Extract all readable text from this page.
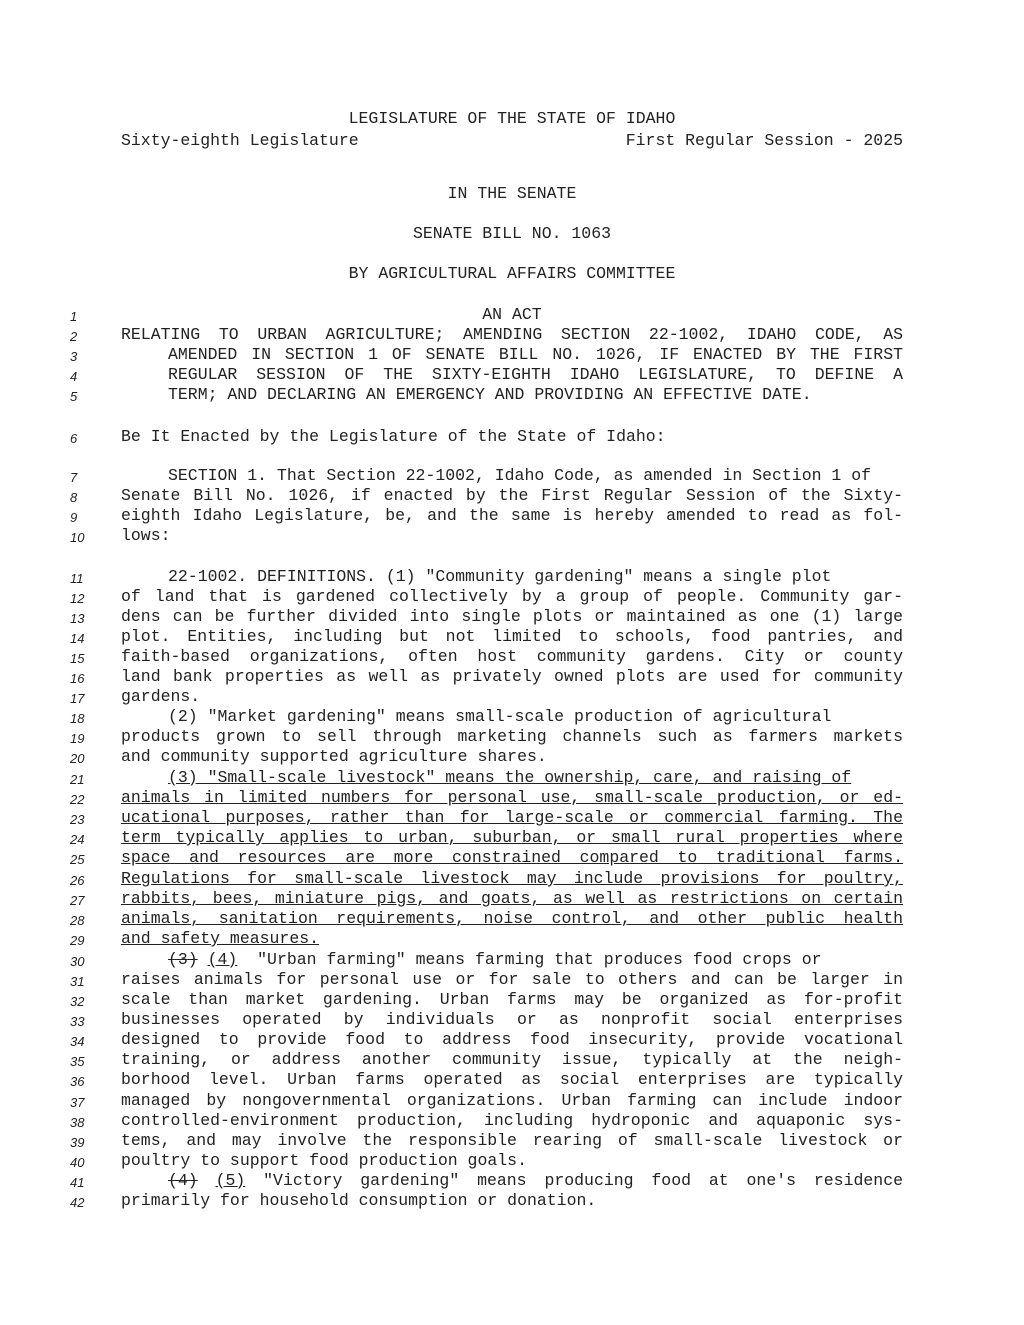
LEGISLATURE OF THE STATE OF IDAHO
Sixty-eighth Legislature	First Regular Session - 2025
IN THE SENATE
SENATE BILL NO. 1063
BY AGRICULTURAL AFFAIRS COMMITTEE
1	AN ACT
2	RELATING TO URBAN AGRICULTURE; AMENDING SECTION 22-1002, IDAHO CODE, AS
3	AMENDED IN SECTION 1 OF SENATE BILL NO. 1026, IF ENACTED BY THE FIRST
4	REGULAR SESSION OF THE SIXTY-EIGHTH IDAHO LEGISLATURE, TO DEFINE A
5	TERM; AND DECLARING AN EMERGENCY AND PROVIDING AN EFFECTIVE DATE.
6	Be It Enacted by the Legislature of the State of Idaho:
7	SECTION 1. That Section 22-1002, Idaho Code, as amended in Section 1 of
8	Senate Bill No. 1026, if enacted by the First Regular Session of the Sixty-
9	eighth Idaho Legislature, be, and the same is hereby amended to read as fol-
10	lows:
11	22-1002. DEFINITIONS. (1) "Community gardening" means a single plot
12	of land that is gardened collectively by a group of people. Community gar-
13	dens can be further divided into single plots or maintained as one (1) large
14	plot. Entities, including but not limited to schools, food pantries, and
15	faith-based organizations, often host community gardens. City or county
16	land bank properties as well as privately owned plots are used for community
17	gardens.
18	(2) "Market gardening" means small-scale production of agricultural
19	products grown to sell through marketing channels such as farmers markets
20	and community supported agriculture shares.
21	(3) "Small-scale livestock" means the ownership, care, and raising of
22	animals in limited numbers for personal use, small-scale production, or ed-
23	ucational purposes, rather than for large-scale or commercial farming. The
24	term typically applies to urban, suburban, or small rural properties where
25	space and resources are more constrained compared to traditional farms.
26	Regulations for small-scale livestock may include provisions for poultry,
27	rabbits, bees, miniature pigs, and goats, as well as restrictions on certain
28	animals, sanitation requirements, noise control, and other public health
29	and safety measures.
30	(3) (4)  "Urban farming" means farming that produces food crops or
31	raises animals for personal use or for sale to others and can be larger in
32	scale than market gardening. Urban farms may be organized as for-profit
33	businesses operated by individuals or as nonprofit social enterprises
34	designed to provide food to address food insecurity, provide vocational
35	training, or address another community issue, typically at the neigh-
36	borhood level. Urban farms operated as social enterprises are typically
37	managed by nongovernmental organizations. Urban farming can include indoor
38	controlled-environment production, including hydroponic and aquaponic sys-
39	tems, and may involve the responsible rearing of small-scale livestock or
40	poultry to support food production goals.
41	(4) (5) "Victory gardening" means producing food at one's residence
42	primarily for household consumption or donation.
